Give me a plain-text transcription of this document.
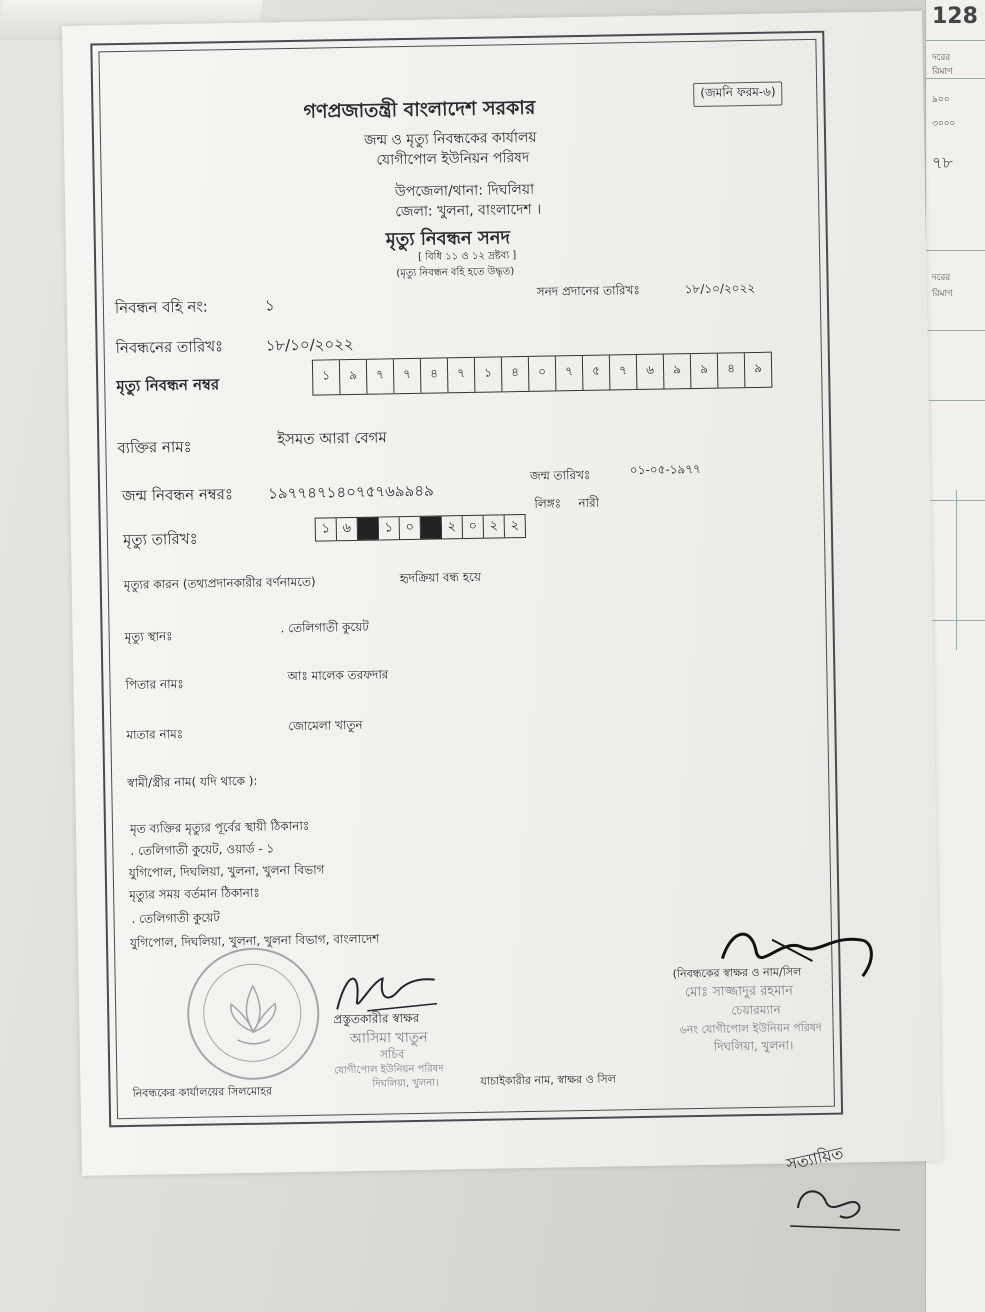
128
দরের
রিমাণ
৯০০
৩০০০
৭৮
দরের
রিমাণ
(জমনি ফরম-৬)
গণপ্রজাতন্ত্রী বাংলাদেশ সরকার
জন্ম ও মৃত্যু নিবন্ধকের কার্যালয়
যোগীপোল ইউনিয়ন পরিষদ
উপজেলা/থানা: দিঘলিয়া
জেলা: খুলনা, বাংলাদেশ ।
মৃত্যু নিবন্ধন সনদ
[ বিধি ১১ ও ১২ দ্রষ্টব্য ]
(মৃত্যু নিবন্ধন বহি হতে উদ্ধৃত)
নিবন্ধন বহি নং:	১
সনদ প্রদানের তারিখঃ	১৮/১০/২০২২
নিবন্ধনের তারিখঃ	১৮/১০/২০২২
মৃত্যু নিবন্ধন নম্বর	১	৯	৭	৭	৪	৭	১	৪	০	৭	৫	৭	৬	৯	৯	৪	৯
ব্যক্তির নামঃ	ইসমত আরা বেগম
জন্ম নিবন্ধন নম্বরঃ ১৯৭৭৪৭১৪০৭৫৭৬৯৯৪৯
জন্ম তারিখঃ	০১-০৫-১৯৭৭
লিঙ্গঃ নারী
মৃত্যু তারিখঃ
১ ৬	১ ০	২ ০ ২ ২
মৃত্যুর কারন (তথ্যপ্রদানকারীর বর্ণনামতে)	হৃদক্রিয়া বন্ধ হয়ে
মৃত্যু স্থানঃ
. তেলিগাতী কুয়েট
পিতার নামঃ
আঃ মালেক তরফদার
মাতার নামঃ
জোমেলা খাতুন
স্বামী/স্ত্রীর নাম( যদি থাকে ):
মৃত ব্যক্তির মৃত্যুর পূর্বের স্থায়ী ঠিকানাঃ
. তেলিগাতী কুয়েট, ওয়ার্ড - ১
যুগিপোল, দিঘলিয়া, খুলনা, খুলনা বিভাগ
মৃত্যুর সময় বর্তমান ঠিকানাঃ
. তেলিগাতী কুয়েট
যুগিপোল, দিঘলিয়া, খুলনা, খুলনা বিভাগ, বাংলাদেশ
প্রস্তুতকারীর স্বাক্ষর
আসিমা খাতুন
সচিব
যোগীপোল ইউনিয়ন পরিষদ
দিঘলিয়া, খুলনা।
নিবন্ধকের কার্যালয়ের সিলমোহর
যাচাইকারীর নাম, স্বাক্ষর ও সিল
(নিবন্ধকের স্বাক্ষর ও নাম/সিল
মোঃ সাজ্জাদুর রহমান
চেয়ারম্যান
৬নং যোগীপোল ইউনিয়ন পরিষদ
দিঘলিয়া, খুলনা।
সত্যায়িত
